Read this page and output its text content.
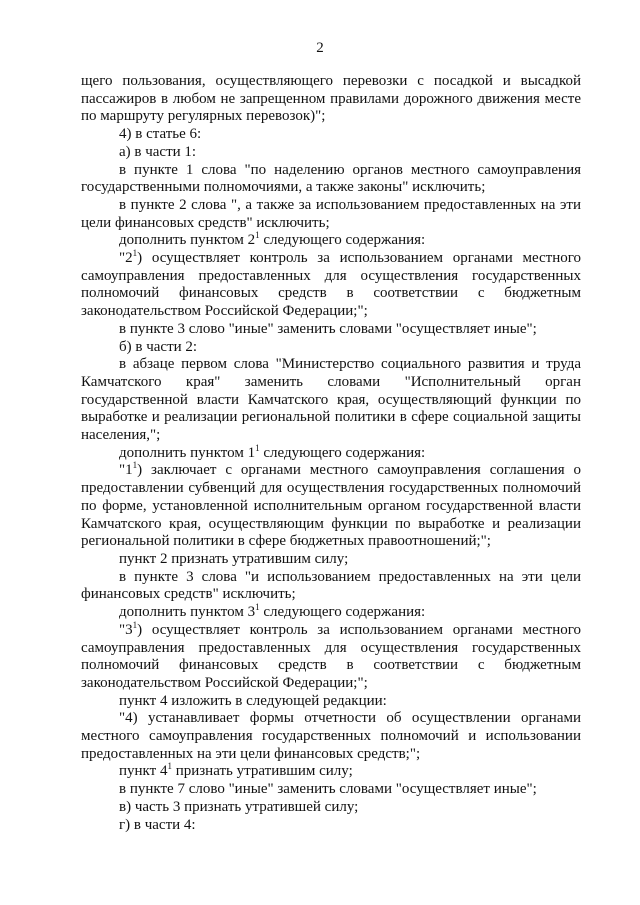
2

щего пользования, осуществляющего перевозки с посадкой и высадкой пассажиров в любом не запрещенном правилами дорожного движения месте по маршруту регулярных перевозок)";

4) в статье 6:

а) в части 1:

в пункте 1 слова "по наделению органов местного самоуправления государственными полномочиями, а также законы" исключить;

в пункте 2 слова ", а также за использованием предоставленных на эти цели финансовых средств" исключить;

дополнить пунктом $2^1$ следующего содержания:

"$2^1$) осуществляет контроль за использованием органами местного самоуправления предоставленных для осуществления государственных полномочий финансовых средств в соответствии с бюджетным законодательством Российской Федерации;";

в пункте 3 слово "иные" заменить словами "осуществляет иные";

б) в части 2:

в абзаце первом слова "Министерство социального развития и труда Камчатского края" заменить словами "Исполнительный орган государственной власти Камчатского края, осуществляющий функции по выработке и реализации региональной политики в сфере социальной защиты населения,";

дополнить пунктом $1^1$ следующего содержания:

"$1^1$) заключает с органами местного самоуправления соглашения о предоставлении субвенций для осуществления государственных полномочий по форме, установленной исполнительным органом государственной власти Камчатского края, осуществляющим функции по выработке и реализации региональной политики в сфере бюджетных правоотношений;";

пункт 2 признать утратившим силу;

в пункте 3 слова "и использованием предоставленных на эти цели финансовых средств" исключить;

дополнить пунктом $3^1$ следующего содержания:

"$3^1$) осуществляет контроль за использованием органами местного самоуправления предоставленных для осуществления государственных полномочий финансовых средств в соответствии с бюджетным законодательством Российской Федерации;";

пункт 4 изложить в следующей редакции:

"4) устанавливает формы отчетности об осуществлении органами местного самоуправления государственных полномочий и использовании предоставленных на эти цели финансовых средств;";

пункт $4^1$ признать утратившим силу;

в пункте 7 слово "иные" заменить словами "осуществляет иные";

в) часть 3 признать утратившей силу;

г) в части 4:
